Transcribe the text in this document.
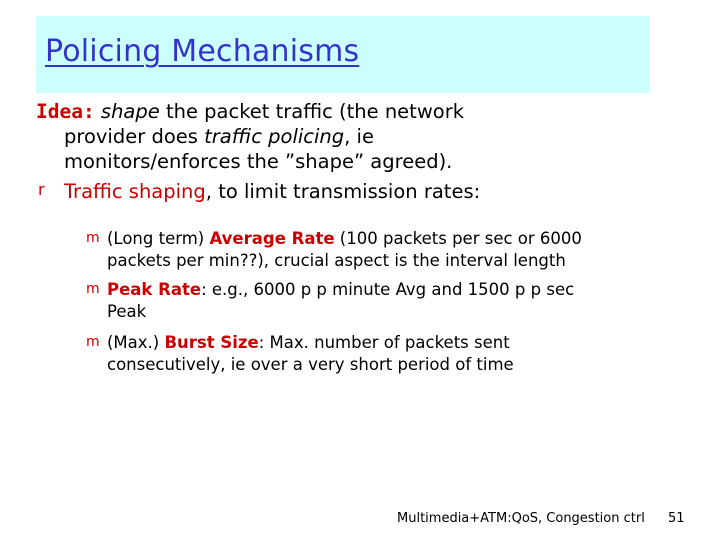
Policing Mechanisms
Idea: shape the packet traffic (the network
provider does traffic policing, ie
monitors/enforces the ”shape” agreed).
r Traffic shaping, to limit transmission rates:
m (Long term) Average Rate (100 packets per sec or 6000
packets per min??), crucial aspect is the interval length
m Peak Rate: e.g., 6000 p p minute Avg and 1500 p p sec
Peak
m (Max.) Burst Size: Max. number of packets sent
consecutively, ie over a very short period of time
Multimedia+ATM:QoS, Congestion ctrl 51
